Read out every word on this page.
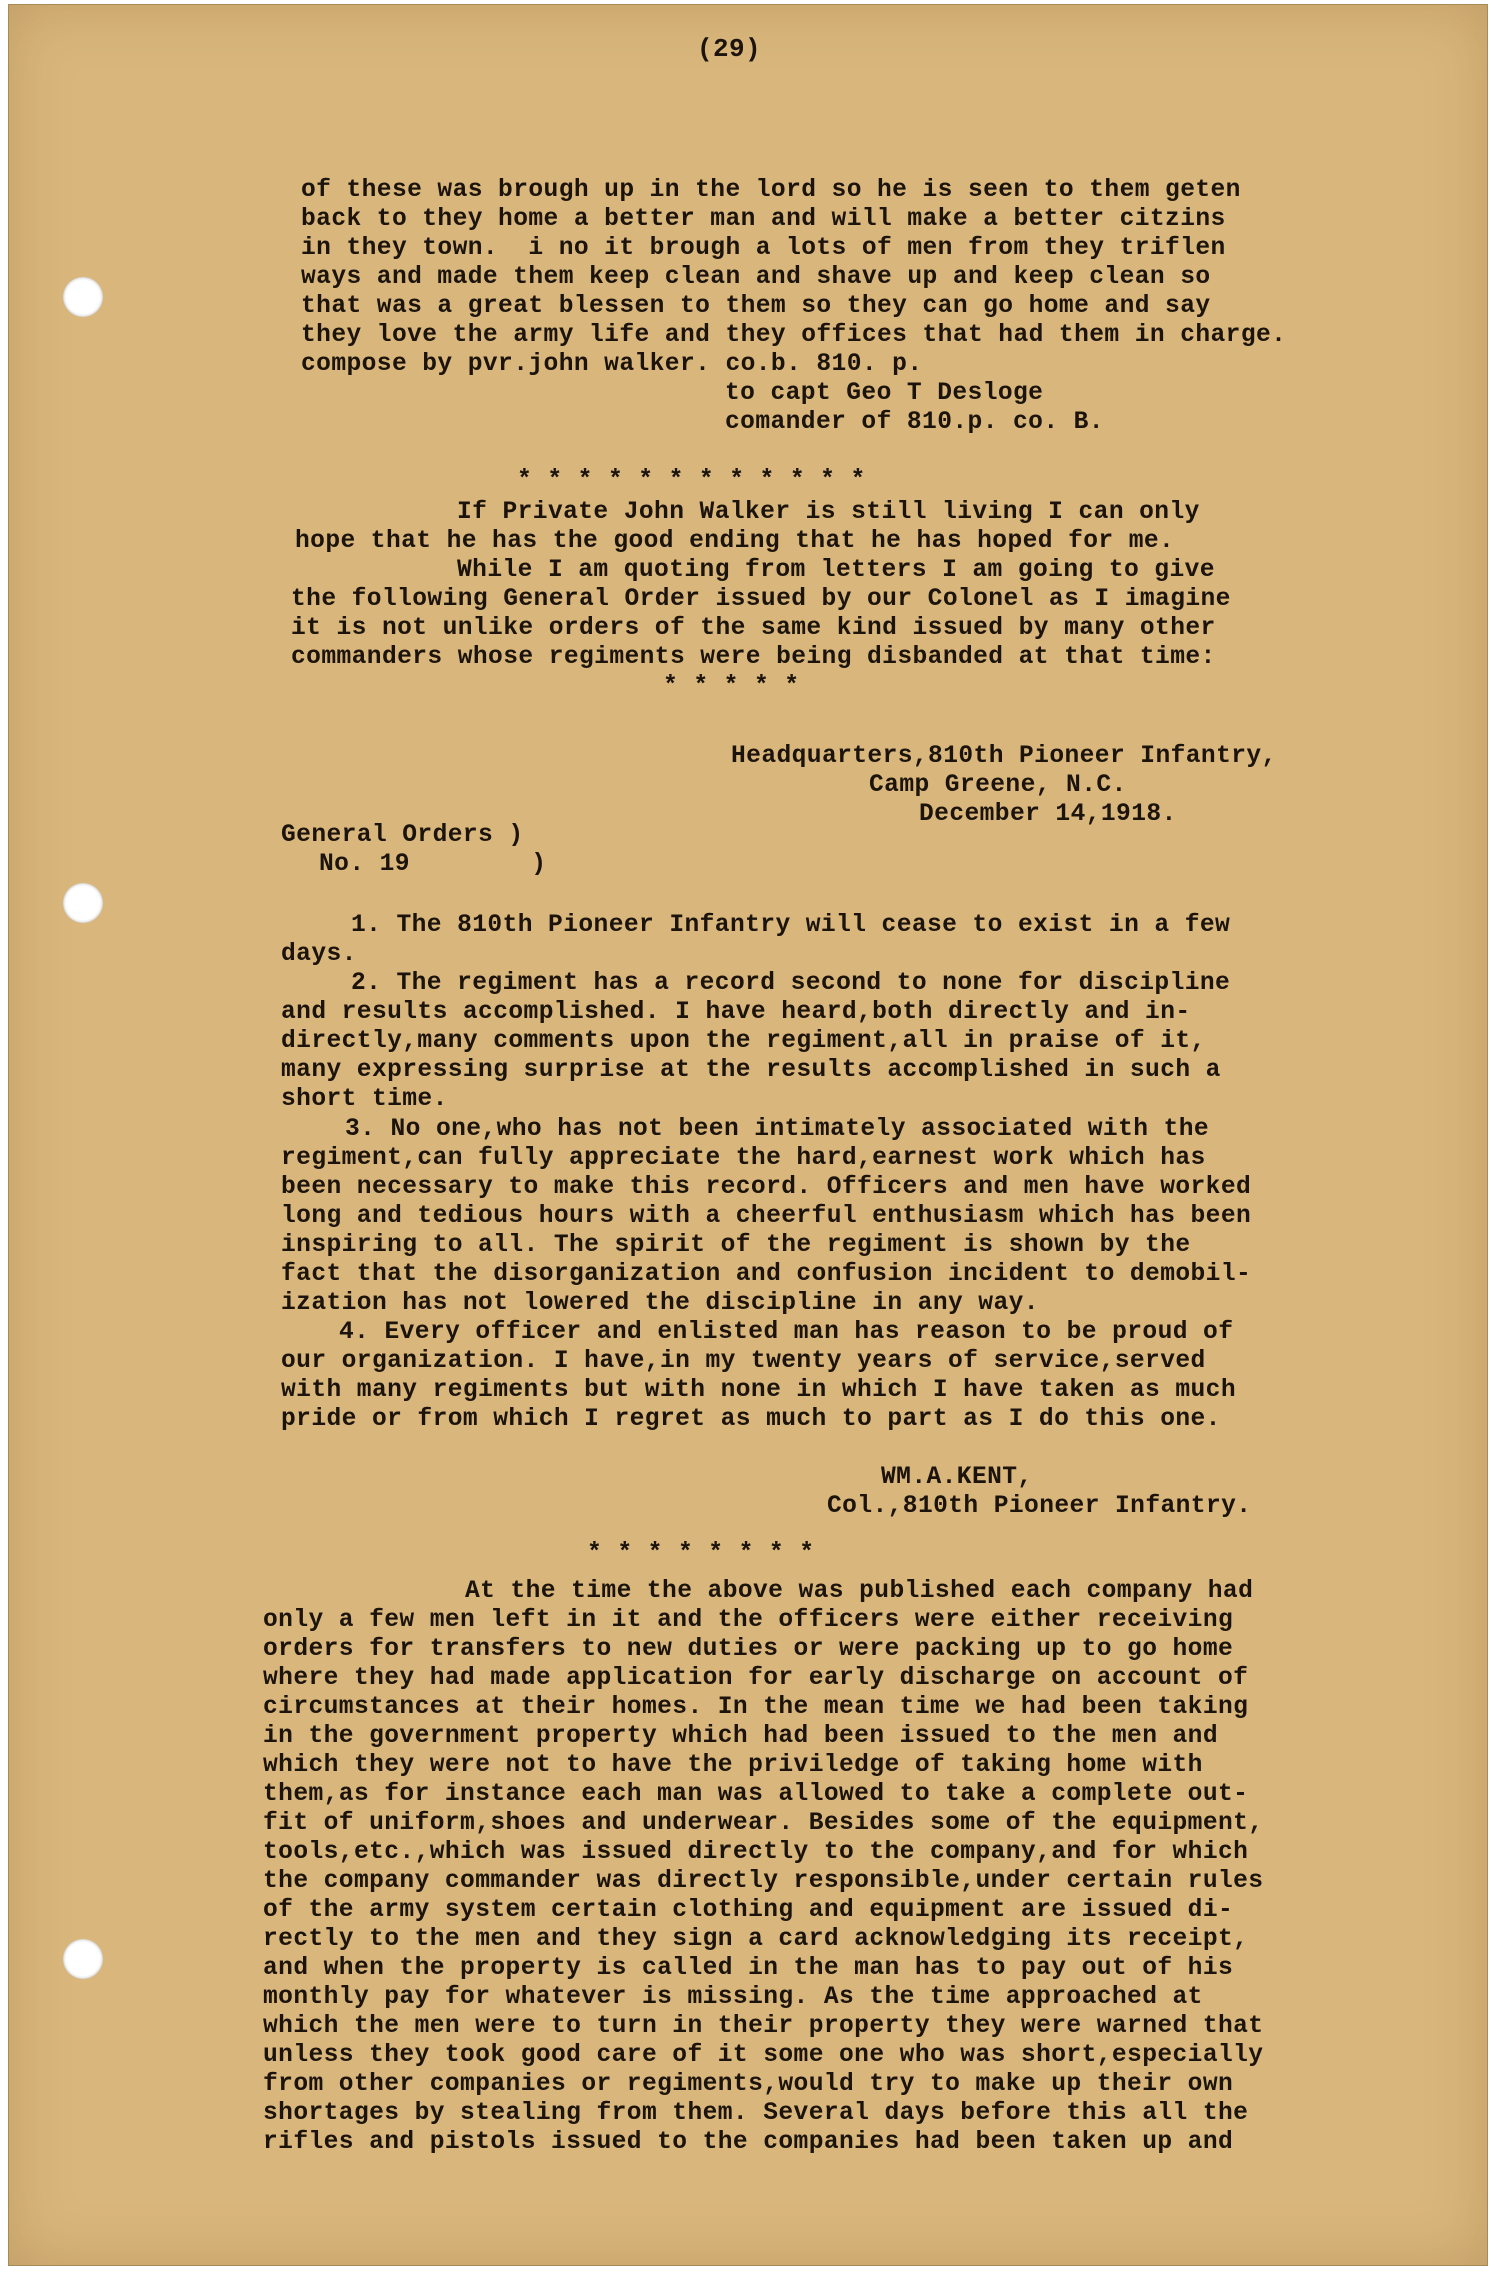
(29)

of these was brough up in the lord so he is seen to them geten

back to they home a better man and will make a better citzins

in they town.  i no it brough a lots of men from they triflen

ways and made them keep clean and shave up and keep clean so

that was a great blessen to them so they can go home and say

they love the army life and they offices that had them in charge.

compose by pvr.john walker. co.b. 810. p.

to capt Geo T Desloge

comander of 810.p. co. B.

* * * * * * * * * * * *

If Private John Walker is still living I can only

hope that he has the good ending that he has hoped for me.

While I am quoting from letters I am going to give

the following General Order issued by our Colonel as I imagine

it is not unlike orders of the same kind issued by many other

commanders whose regiments were being disbanded at that time:

* * * * *

Headquarters,810th Pioneer Infantry,

Camp Greene, N.C.

December 14,1918.

General Orders )

No. 19        )

1. The 810th Pioneer Infantry will cease to exist in a few

days.

2. The regiment has a record second to none for discipline

and results accomplished. I have heard,both directly and in-

directly,many comments upon the regiment,all in praise of it,

many expressing surprise at the results accomplished in such a

short time.

3. No one,who has not been intimately associated with the

regiment,can fully appreciate the hard,earnest work which has

been necessary to make this record. Officers and men have worked

long and tedious hours with a cheerful enthusiasm which has been

inspiring to all. The spirit of the regiment is shown by the

fact that the disorganization and confusion incident to demobil-

ization has not lowered the discipline in any way.

4. Every officer and enlisted man has reason to be proud of

our organization. I have,in my twenty years of service,served

with many regiments but with none in which I have taken as much

pride or from which I regret as much to part as I do this one.

WM.A.KENT,

Col.,810th Pioneer Infantry.

* * * * * * * *

At the time the above was published each company had

only a few men left in it and the officers were either receiving

orders for transfers to new duties or were packing up to go home

where they had made application for early discharge on account of

circumstances at their homes. In the mean time we had been taking

in the government property which had been issued to the men and

which they were not to have the priviledge of taking home with

them,as for instance each man was allowed to take a complete out-

fit of uniform,shoes and underwear. Besides some of the equipment,

tools,etc.,which was issued directly to the company,and for which

the company commander was directly responsible,under certain rules

of the army system certain clothing and equipment are issued di-

rectly to the men and they sign a card acknowledging its receipt,

and when the property is called in the man has to pay out of his

monthly pay for whatever is missing. As the time approached at

which the men were to turn in their property they were warned that

unless they took good care of it some one who was short,especially

from other companies or regiments,would try to make up their own

shortages by stealing from them. Several days before this all the

rifles and pistols issued to the companies had been taken up and
